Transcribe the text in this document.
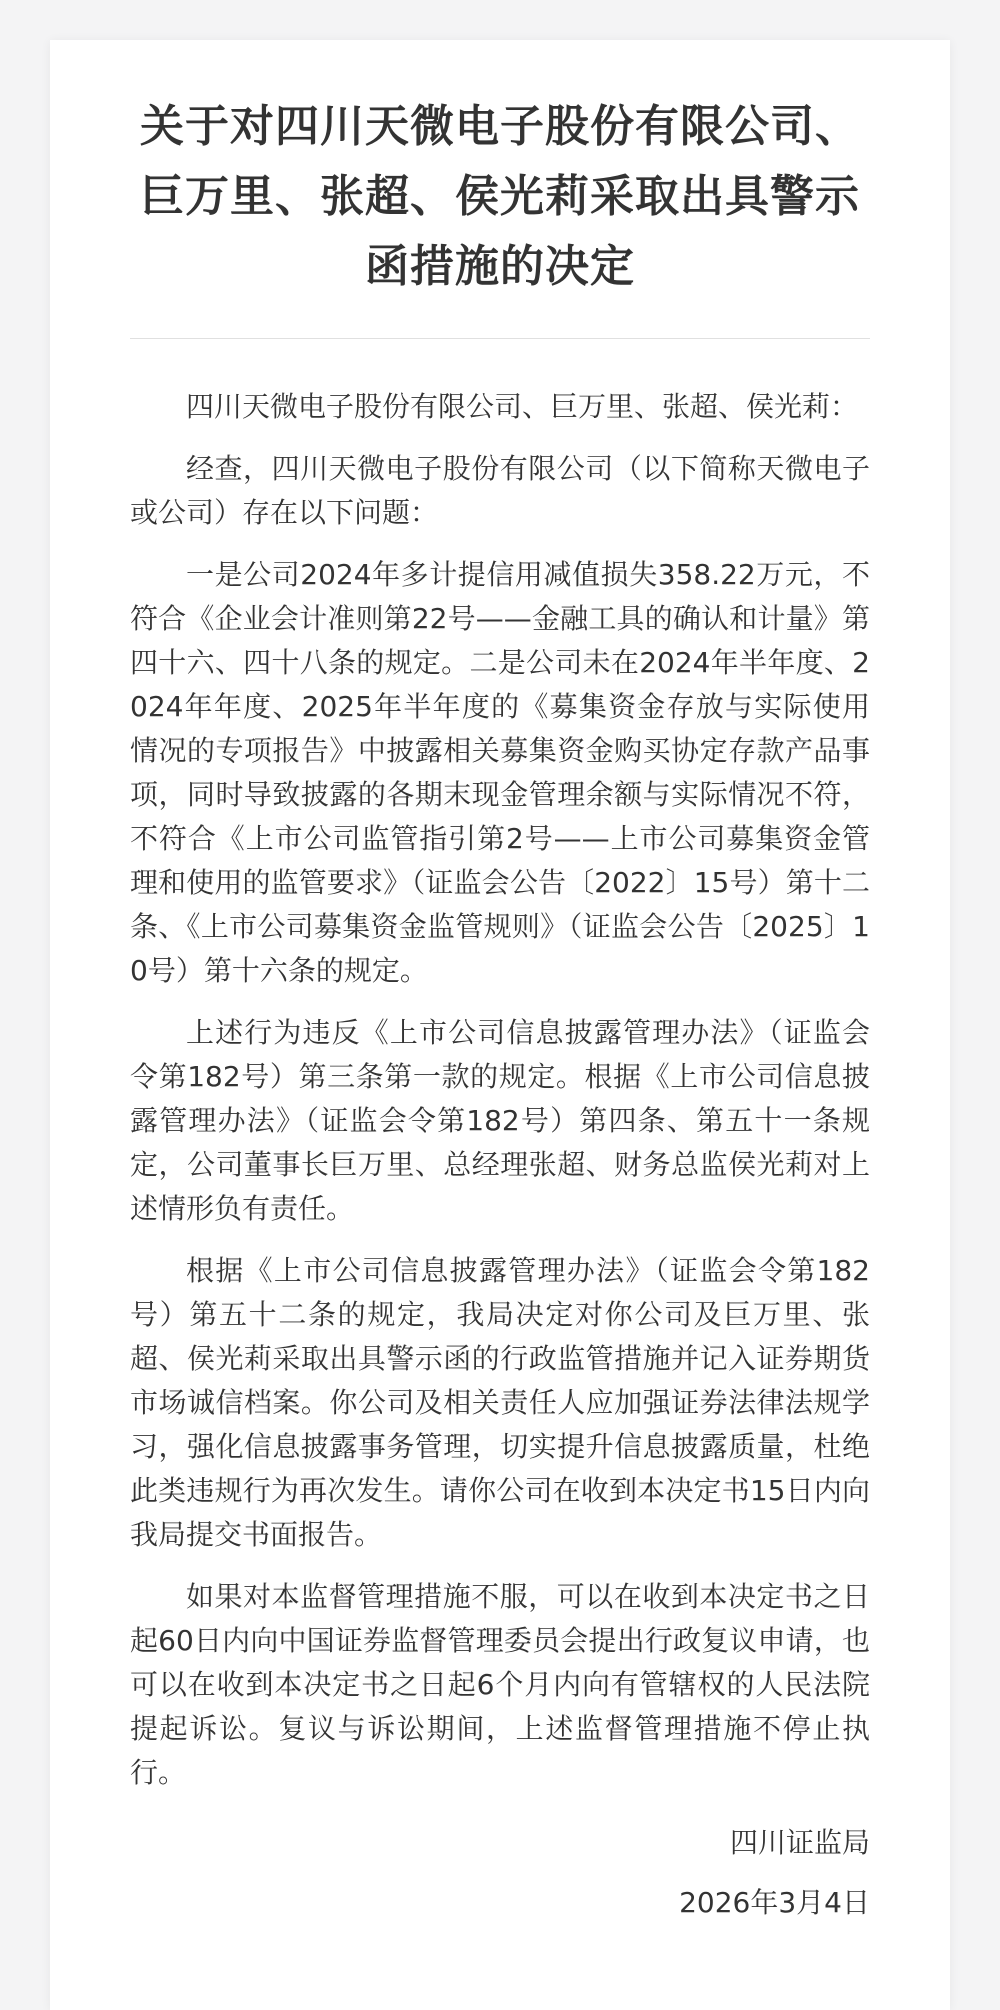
关于对四川天微电子股份有限公司、巨万里、张超、侯光莉采取出具警示函措施的决定

四川天微电子股份有限公司、巨万里、张超、侯光莉：

经查，四川天微电子股份有限公司（以下简称天微电子或公司）存在以下问题：

一是公司2024年多计提信用减值损失358.22万元，不符合《企业会计准则第22号——金融工具的确认和计量》第四十六、四十八条的规定。二是公司未在2024年半年度、2024年年度、2025年半年度的《募集资金存放与实际使用情况的专项报告》中披露相关募集资金购买协定存款产品事项，同时导致披露的各期末现金管理余额与实际情况不符，不符合《上市公司监管指引第2号——上市公司募集资金管理和使用的监管要求》（证监会公告〔2022〕15号）第十二条、《上市公司募集资金监管规则》（证监会公告〔2025〕10号）第十六条的规定。

上述行为违反《上市公司信息披露管理办法》（证监会令第182号）第三条第一款的规定。根据《上市公司信息披露管理办法》（证监会令第182号）第四条、第五十一条规定，公司董事长巨万里、总经理张超、财务总监侯光莉对上述情形负有责任。

根据《上市公司信息披露管理办法》（证监会令第182号）第五十二条的规定，我局决定对你公司及巨万里、张超、侯光莉采取出具警示函的行政监管措施并记入证券期货市场诚信档案。你公司及相关责任人应加强证券法律法规学习，强化信息披露事务管理，切实提升信息披露质量，杜绝此类违规行为再次发生。请你公司在收到本决定书15日内向我局提交书面报告。

如果对本监督管理措施不服，可以在收到本决定书之日起60日内向中国证券监督管理委员会提出行政复议申请，也可以在收到本决定书之日起6个月内向有管辖权的人民法院提起诉讼。复议与诉讼期间，上述监督管理措施不停止执行。

四川证监局

2026年3月4日
